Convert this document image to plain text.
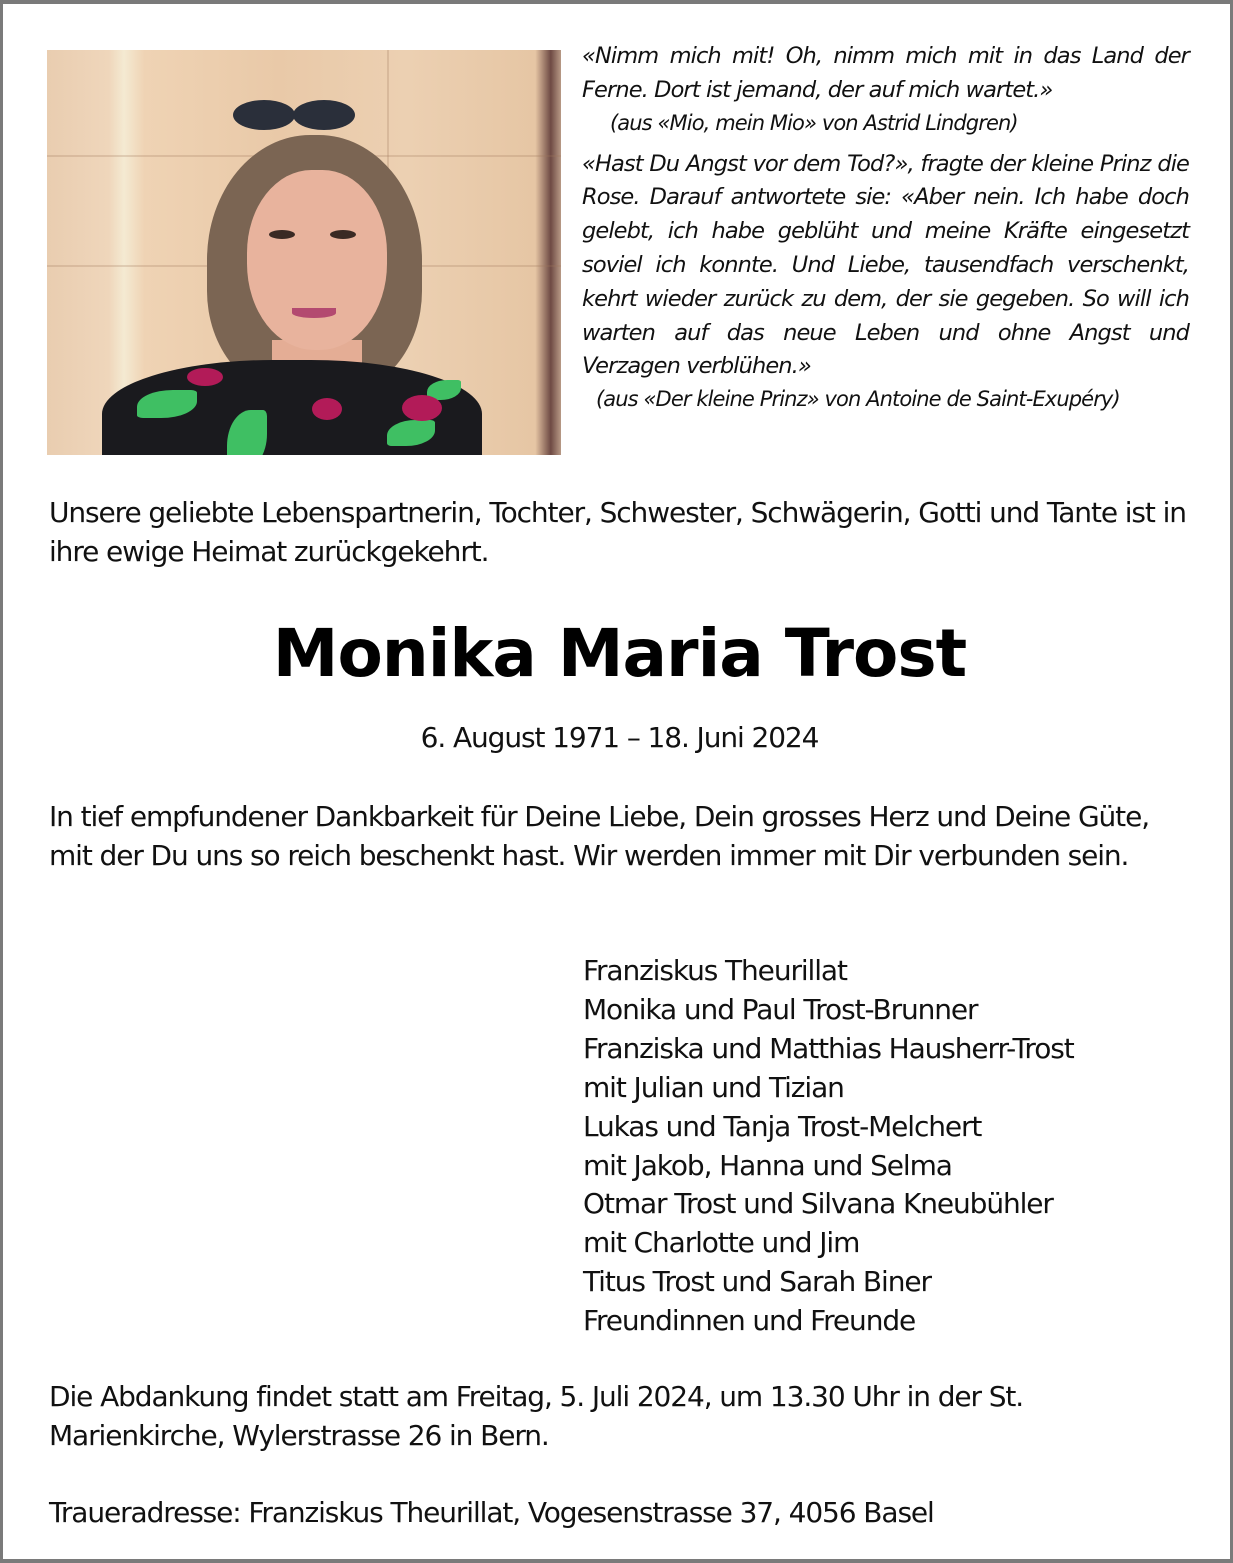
«Nimm mich mit! Oh, nimm mich mit in das Land der Ferne. Dort ist jemand, der auf mich wartet.»

(aus «Mio, mein Mio» von Astrid Lindgren)

«Hast Du Angst vor dem Tod?», fragte der kleine Prinz die Rose. Darauf antwortete sie: «Aber nein. Ich habe doch gelebt, ich habe geblüht und meine Kräfte eingesetzt soviel ich konnte. Und Liebe, tausendfach verschenkt, kehrt wieder zurück zu dem, der sie gegeben. So will ich warten auf das neue Leben und ohne Angst und Verzagen verblühen.»

(aus «Der kleine Prinz» von Antoine de Saint-Exupéry)

Unsere geliebte Lebenspartnerin, Tochter, Schwester, Schwägerin, Gotti und Tante ist in ihre ewige Heimat zurückgekehrt.

Monika Maria Trost

6. August 1971 – 18. Juni 2024

In tief empfundener Dankbarkeit für Deine Liebe, Dein grosses Herz und Deine Güte, mit der Du uns so reich beschenkt hast. Wir werden immer mit Dir verbunden sein.

Franziskus Theurillat
Monika und Paul Trost-Brunner
Franziska und Matthias Hausherr-Trost
mit Julian und Tizian
Lukas und Tanja Trost-Melchert
mit Jakob, Hanna und Selma
Otmar Trost und Silvana Kneubühler
mit Charlotte und Jim
Titus Trost und Sarah Biner
Freundinnen und Freunde

Die Abdankung findet statt am Freitag, 5. Juli 2024, um 13.30 Uhr in der St. Marienkirche, Wylerstrasse 26 in Bern.

Traueradresse: Franziskus Theurillat, Vogesenstrasse 37, 4056 Basel
